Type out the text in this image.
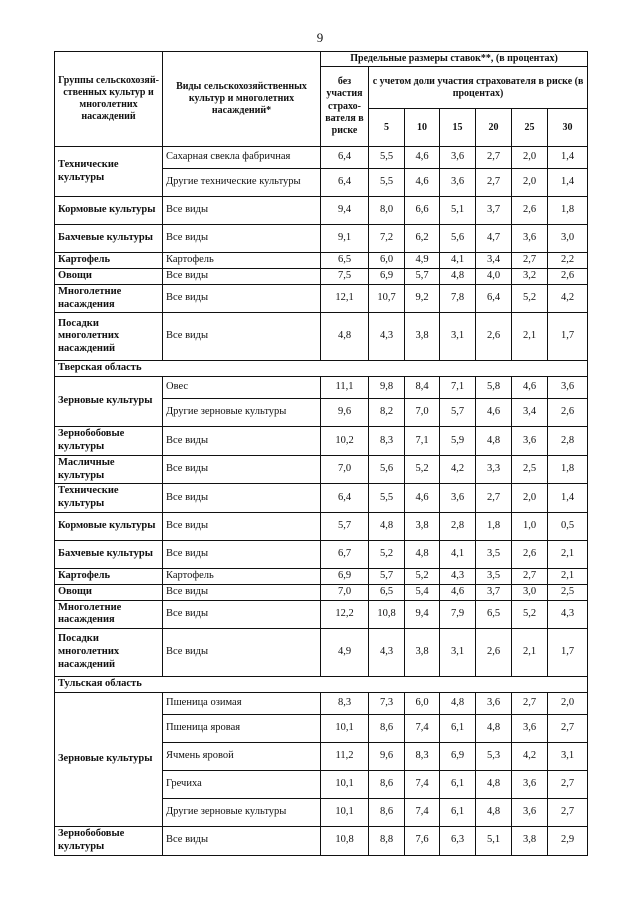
9
Группы сельскохозяй-ственных культур и многолетних насаждений	Виды сельскохозяйственных культур и многолетних насаждений*	Предельные размеры ставок**, (в процентах)						
		без участия страхо-вателя в риске	с учетом доли участия страхователя в риске (в процентах)					
			5	10	15	20	25	30
Технические культуры	Сахарная свекла фабричная	6,4	5,5	4,6	3,6	2,7	2,0	1,4
	Другие технические культуры	6,4	5,5	4,6	3,6	2,7	2,0	1,4
Кормовые культуры	Все виды	9,4	8,0	6,6	5,1	3,7	2,6	1,8
Бахчевые культуры	Все виды	9,1	7,2	6,2	5,6	4,7	3,6	3,0
Картофель	Картофель	6,5	6,0	4,9	4,1	3,4	2,7	2,2
Овощи	Все виды	7,5	6,9	5,7	4,8	4,0	3,2	2,6
Многолетние насаждения	Все виды	12,1	10,7	9,2	7,8	6,4	5,2	4,2
Посадки многолетних насаждений	Все виды	4,8	4,3	3,8	3,1	2,6	2,1	1,7
Тверская область								
Зерновые культуры	Овес	11,1	9,8	8,4	7,1	5,8	4,6	3,6
	Другие зерновые культуры	9,6	8,2	7,0	5,7	4,6	3,4	2,6
Зернобобовые культуры	Все виды	10,2	8,3	7,1	5,9	4,8	3,6	2,8
Масличные культуры	Все виды	7,0	5,6	5,2	4,2	3,3	2,5	1,8
Технические культуры	Все виды	6,4	5,5	4,6	3,6	2,7	2,0	1,4
Кормовые культуры	Все виды	5,7	4,8	3,8	2,8	1,8	1,0	0,5
Бахчевые культуры	Все виды	6,7	5,2	4,8	4,1	3,5	2,6	2,1
Картофель	Картофель	6,9	5,7	5,2	4,3	3,5	2,7	2,1
Овощи	Все виды	7,0	6,5	5,4	4,6	3,7	3,0	2,5
Многолетние насаждения	Все виды	12,2	10,8	9,4	7,9	6,5	5,2	4,3
Посадки многолетних насаждений	Все виды	4,9	4,3	3,8	3,1	2,6	2,1	1,7
Тульская область								
Зерновые культуры	Пшеница озимая	8,3	7,3	6,0	4,8	3,6	2,7	2,0
	Пшеница яровая	10,1	8,6	7,4	6,1	4,8	3,6	2,7
	Ячмень яровой	11,2	9,6	8,3	6,9	5,3	4,2	3,1
	Гречиха	10,1	8,6	7,4	6,1	4,8	3,6	2,7
	Другие зерновые культуры	10,1	8,6	7,4	6,1	4,8	3,6	2,7
Зернобобовые культуры	Все виды	10,8	8,8	7,6	6,3	5,1	3,8	2,9
